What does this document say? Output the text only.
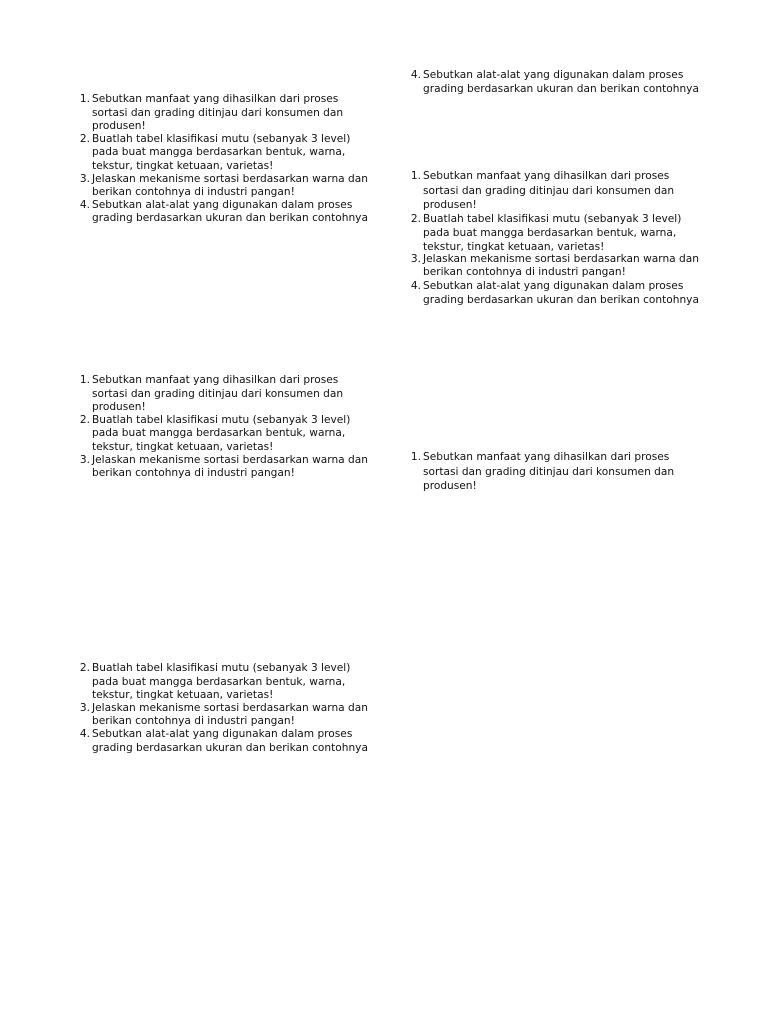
1. Sebutkan manfaat yang dihasilkan dari proses sortasi dan grading ditinjau dari konsumen dan produsen!
2. Buatlah tabel klasifikasi mutu (sebanyak 3 level) pada buat mangga berdasarkan bentuk, warna, tekstur, tingkat ketuaan, varietas!
3. Jelaskan mekanisme sortasi berdasarkan warna dan berikan contohnya di industri pangan!
4. Sebutkan alat-alat yang digunakan dalam proses grading berdasarkan ukuran dan berikan contohnya
4. Sebutkan alat-alat yang digunakan dalam proses grading berdasarkan ukuran dan berikan contohnya
1. Sebutkan manfaat yang dihasilkan dari proses sortasi dan grading ditinjau dari konsumen dan produsen!
2. Buatlah tabel klasifikasi mutu (sebanyak 3 level) pada buat mangga berdasarkan bentuk, warna, tekstur, tingkat ketuaan, varietas!
3. Jelaskan mekanisme sortasi berdasarkan warna dan berikan contohnya di industri pangan!
4. Sebutkan alat-alat yang digunakan dalam proses grading berdasarkan ukuran dan berikan contohnya
1. Sebutkan manfaat yang dihasilkan dari proses sortasi dan grading ditinjau dari konsumen dan produsen!
2. Buatlah tabel klasifikasi mutu (sebanyak 3 level) pada buat mangga berdasarkan bentuk, warna, tekstur, tingkat ketuaan, varietas!
3. Jelaskan mekanisme sortasi berdasarkan warna dan berikan contohnya di industri pangan!
1. Sebutkan manfaat yang dihasilkan dari proses sortasi dan grading ditinjau dari konsumen dan produsen!
2. Buatlah tabel klasifikasi mutu (sebanyak 3 level) pada buat mangga berdasarkan bentuk, warna, tekstur, tingkat ketuaan, varietas!
3. Jelaskan mekanisme sortasi berdasarkan warna dan berikan contohnya di industri pangan!
4. Sebutkan alat-alat yang digunakan dalam proses grading berdasarkan ukuran dan berikan contohnya
